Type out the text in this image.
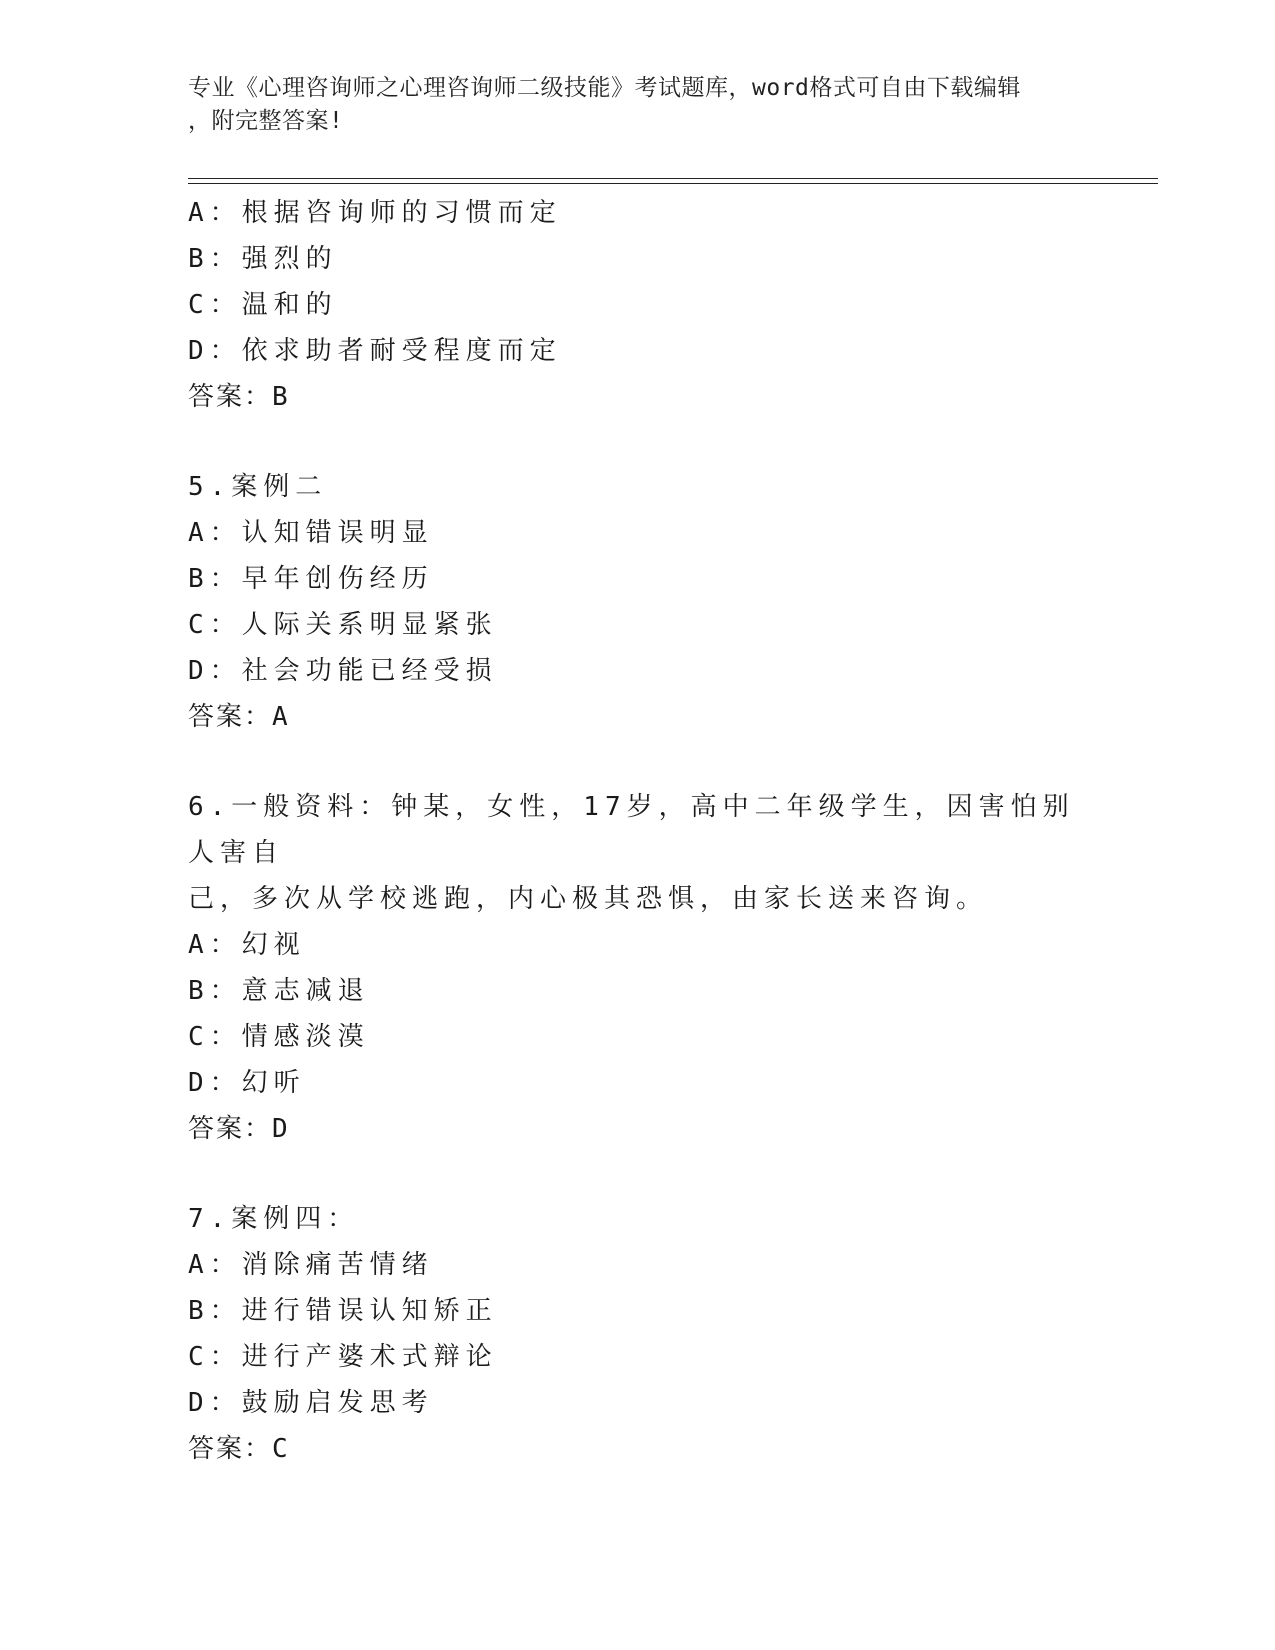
专业《心理咨询师之心理咨询师二级技能》考试题库，word格式可自由下载编辑
，附完整答案!
A：根据咨询师的习惯而定
B：强烈的
C：温和的
D：依求助者耐受程度而定
答案：B
5.案例二
A：认知错误明显
B：早年创伤经历
C：人际关系明显紧张
D：社会功能已经受损
答案：A
6.一般资料：钟某，女性，17岁，高中二年级学生，因害怕别人害自
己，多次从学校逃跑，内心极其恐惧，由家长送来咨询。
A：幻视
B：意志减退
C：情感淡漠
D：幻听
答案：D
7.案例四：
A：消除痛苦情绪
B：进行错误认知矫正
C：进行产婆术式辩论
D：鼓励启发思考
答案：C
